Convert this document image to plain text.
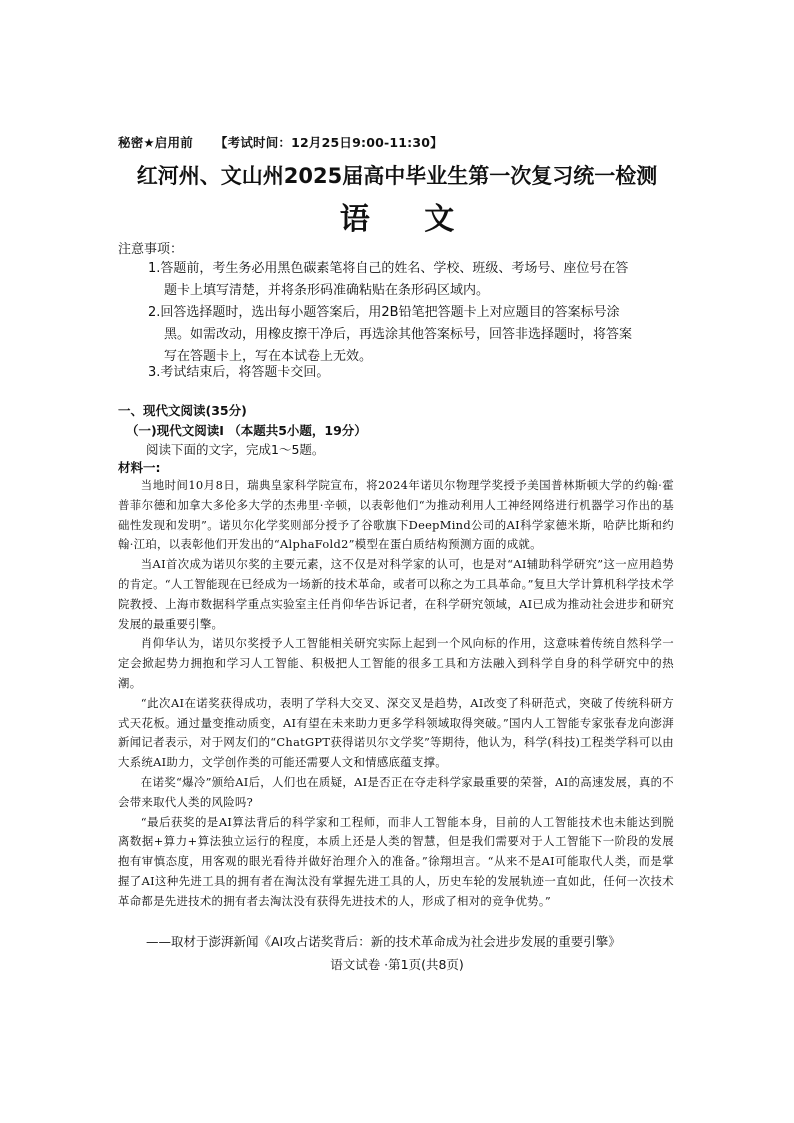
秘密★启用前 【考试时间：12月25日9:00-11:30】
红河州、文山州2025届高中毕业生第一次复习统一检测
语 文
注意事项：
1.答题前，考生务必用黑色碳素笔将自己的姓名、学校、班级、考场号、座位号在答
题卡上填写清楚，并将条形码准确粘贴在条形码区域内。
2.回答选择题时，选出每小题答案后，用2B铅笔把答题卡上对应题目的答案标号涂
黑。如需改动，用橡皮擦干净后，再选涂其他答案标号，回答非选择题时，将答案
写在答题卡上，写在本试卷上无效。
3.考试结束后，将答题卡交回。
一、现代文阅读(35分)
（一)现代文阅读I （本题共5小题，19分）
阅读下面的文字，完成1～5题。
材料一:

当地时间10月8日，瑞典皇家科学院宣布，将2024年诺贝尔物理学奖授予美国普林斯顿大学的约翰·霍普菲尔德和加拿大多伦多大学的杰弗里·辛顿，以表彰他们“为推动利用人工神经网络进行机器学习作出的基础性发现和发明”。诺贝尔化学奖则部分授予了谷歌旗下DeepMind公司的AI科学家德米斯，哈萨比斯和约翰·江珀，以表彰他们开发出的“AlphaFold2”模型在蛋白质结构预测方面的成就。

当AI首次成为诺贝尔奖的主要元素，这不仅是对科学家的认可，也是对“AI辅助科学研究”这一应用趋势的肯定。“人工智能现在已经成为一场新的技术革命，或者可以称之为工具革命。”复旦大学计算机科学技术学院教授、上海市数据科学重点实验室主任肖仰华告诉记者，在科学研究领域，AI已成为推动社会进步和研究发展的最重要引擎。

肖仰华认为，诺贝尔奖授予人工智能相关研究实际上起到一个风向标的作用，这意味着传统自然科学一定会掀起势力拥抱和学习人工智能、积极把人工智能的很多工具和方法融入到科学自身的科学研究中的热潮。

“此次AI在诺奖获得成功，表明了学科大交叉、深交叉是趋势，AI改变了科研范式，突破了传统科研方式天花板。通过量变推动质变，AI有望在未来助力更多学科领域取得突破。”国内人工智能专家张春龙向澎湃新闻记者表示，对于网友们的“ChatGPT获得诺贝尔文学奖”等期待，他认为，科学(科技)工程类学科可以由大系统AI助力，文学创作类的可能还需要人文和情感底蕴支撑。

在诺奖“爆冷”颁给AI后，人们也在质疑，AI是否正在夺走科学家最重要的荣誉，AI的高速发展，真的不会带来取代人类的风险吗?

“最后获奖的是AI算法背后的科学家和工程师，而非人工智能本身，目前的人工智能技术也未能达到脱离数据+算力+算法独立运行的程度，本质上还是人类的智慧，但是我们需要对于人工智能下一阶段的发展抱有审慎态度，用客观的眼光看待并做好治理介入的准备。”徐翔坦言。“从来不是AI可能取代人类，而是掌握了AI这种先进工具的拥有者在淘汰没有掌握先进工具的人，历史车轮的发展轨迹一直如此，任何一次技术革命都是先进技术的拥有者去淘汰没有获得先进技术的人，形成了相对的竞争优势。”

——取材于澎湃新闻《AI攻占诺奖背后：新的技术革命成为社会进步发展的重要引擎》
语文试卷 ·第1页(共8页)
